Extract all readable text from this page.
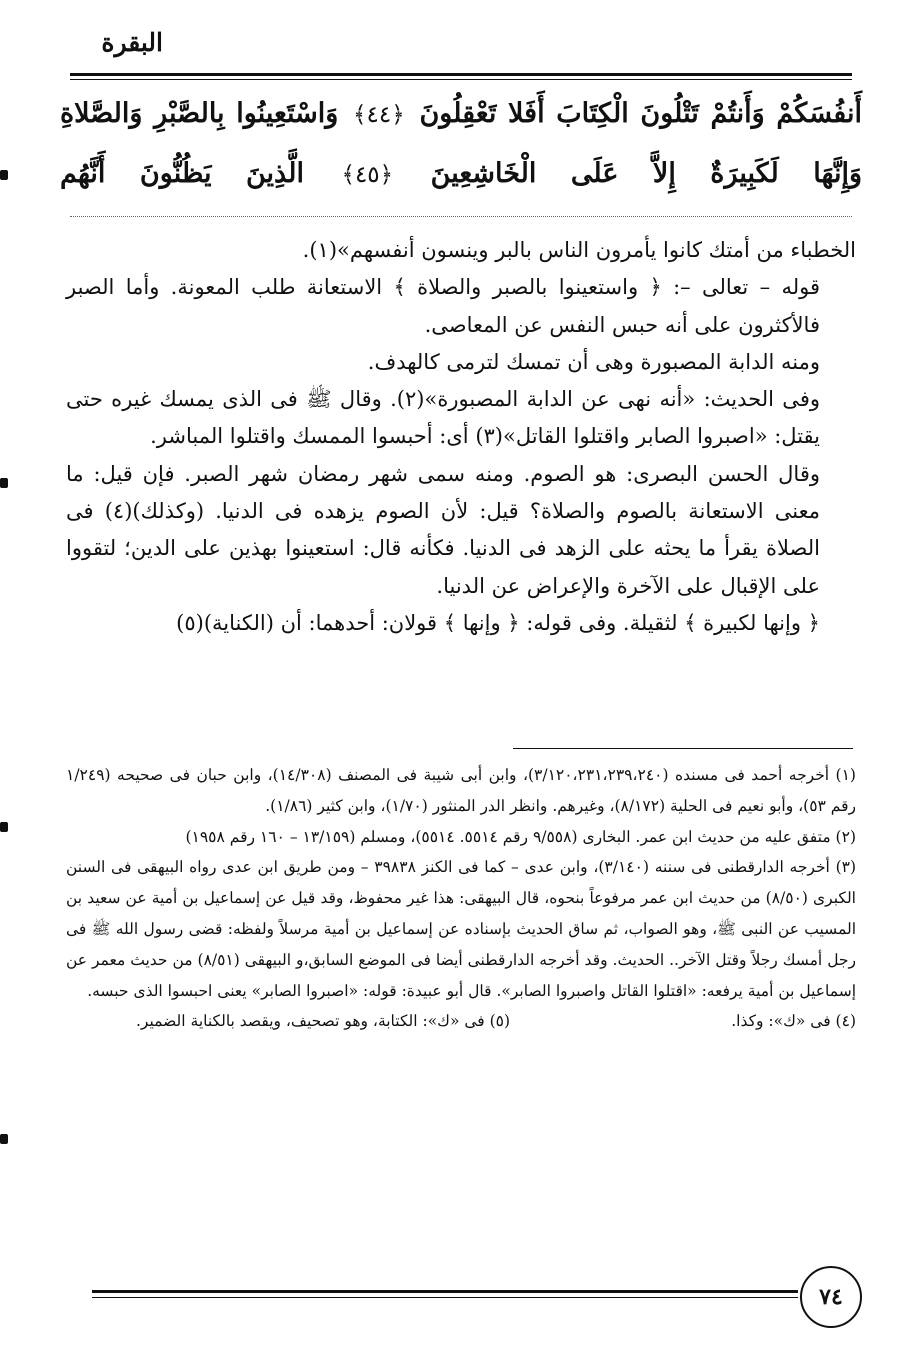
البقرة
أَنفُسَكُمْ وَأَنتُمْ تَتْلُونَ الْكِتَابَ أَفَلا تَعْقِلُونَ ﴿٤٤﴾ وَاسْتَعِينُوا بِالصَّبْرِ وَالصَّلاةِ
وَإِنَّهَا لَكَبِيرَةٌ إِلاَّ عَلَى الْخَاشِعِينَ ﴿٤٥﴾ الَّذِينَ يَظُنُّونَ أَنَّهُم

الخطباء من أمتك كانوا يأمرون الناس بالبر وينسون أنفسهم»(١).

قوله – تعالى –: ﴿ واستعينوا بالصبر والصلاة ﴾ الاستعانة طلب المعونة. وأما الصبر فالأكثرون على أنه حبس النفس عن المعاصى.

ومنه الدابة المصبورة وهى أن تمسك لترمى كالهدف.

وفى الحديث: «أنه نهى عن الدابة المصبورة»(٢). وقال ﷺ فى الذى يمسك غيره حتى يقتل: «اصبروا الصابر واقتلوا القاتل»(٣) أى: أحبسوا الممسك واقتلوا المباشر.

وقال الحسن البصرى: هو الصوم. ومنه سمى شهر رمضان شهر الصبر. فإن قيل: ما معنى الاستعانة بالصوم والصلاة؟ قيل: لأن الصوم يزهده فى الدنيا. (وكذلك)(٤) فى الصلاة يقرأ ما يحثه على الزهد فى الدنيا. فكأنه قال: استعينوا بهذين على الدين؛ لتقووا على الإقبال على الآخرة والإعراض عن الدنيا.

﴿ وإنها لكبيرة ﴾ لثقيلة. وفى قوله: ﴿ وإنها ﴾ قولان: أحدهما: أن (الكناية)(٥)

(١) أخرجه أحمد فى مسنده (٣/١٢٠،٢٣١،٢٣٩،٢٤٠)، وابن أبى شيبة فى المصنف (١٤/٣٠٨)، وابن حبان فى صحيحه (١/٢٤٩ رقم ٥٣)، وأبو نعيم فى الحلية (٨/١٧٢)، وغيرهم. وانظر الدر المنثور (١/٧٠)، وابن كثير (١/٨٦).

(٢) متفق عليه من حديث ابن عمر. البخارى (٩/٥٥٨ رقم ٥٥١٤. ٥٥١٤)، ومسلم (١٣/١٥٩ – ١٦٠ رقم ١٩٥٨)

(٣) أخرجه الدارقطنى فى سننه (٣/١٤٠)، وابن عدى – كما فى الكنز ٣٩٨٣٨ – ومن طريق ابن عدى رواه البيهقى فى السنن الكبرى (٨/٥٠) من حديث ابن عمر مرفوعاً بنحوه، قال البيهقى: هذا غير محفوظ، وقد قيل عن إسماعيل بن أمية عن سعيد بن المسيب عن النبى ﷺ، وهو الصواب، ثم ساق الحديث بإسناده عن إسماعيل بن أمية مرسلاً ولفظه: قضى رسول الله ﷺ فى رجل أمسك رجلاً وقتل الآخر.. الحديث. وقد أخرجه الدارقطنى أيضا فى الموضع السابق،و البيهقى (٨/٥١) من حديث معمر عن إسماعيل بن أمية يرفعه: «اقتلوا القاتل واصبروا الصابر». قال أبو عبيدة: قوله: «اصبروا الصابر» يعنى احبسوا الذى حبسه.

(٤) فى «ك»: وكذا.
(٥) فى «ك»: الكتابة، وهو تصحيف، ويقصد بالكناية الضمير.
٧٤
